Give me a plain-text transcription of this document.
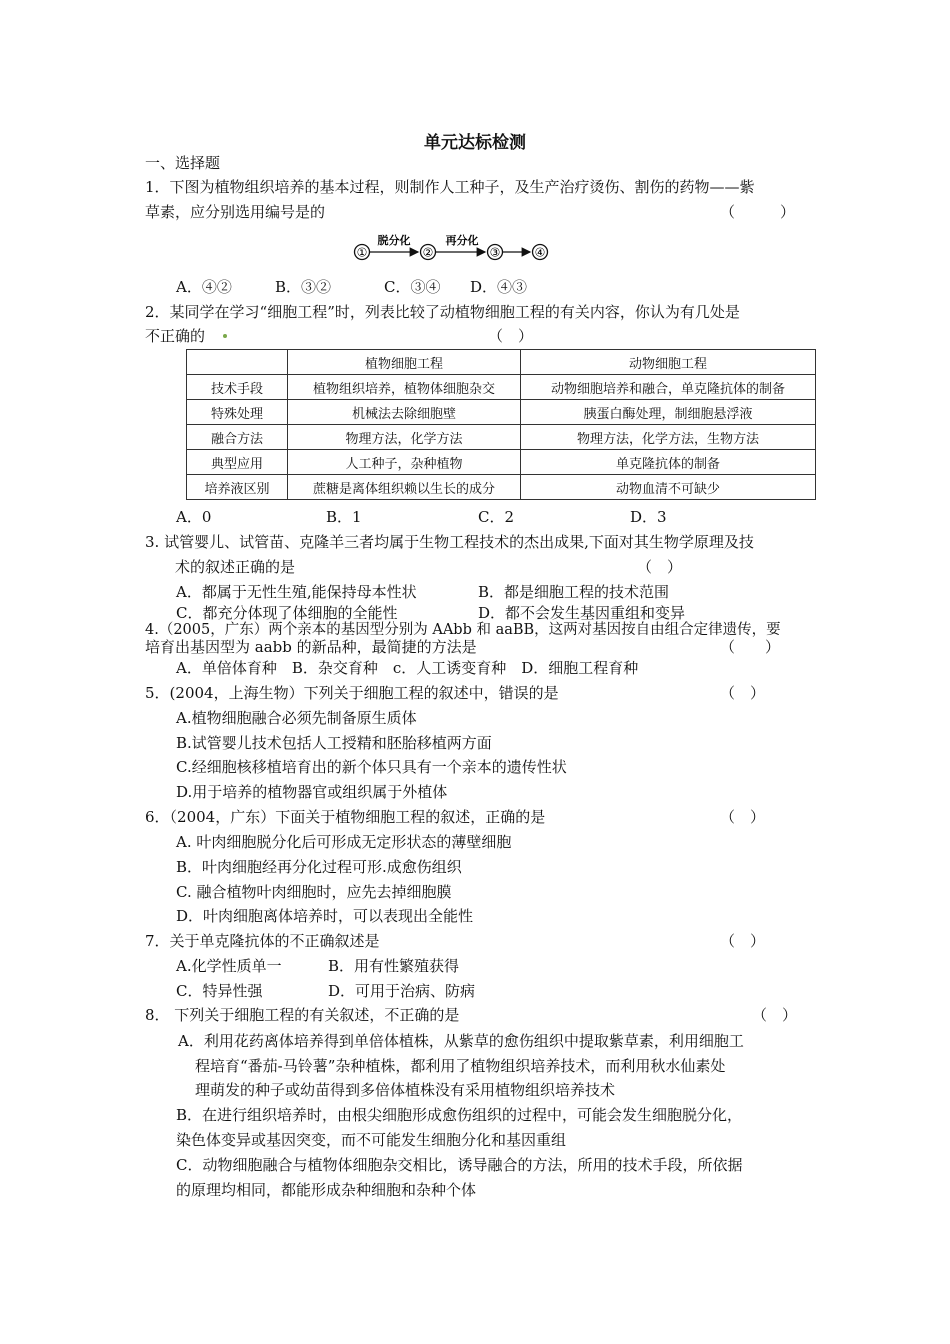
单元达标检测
一、选择题
1．下图为植物组织培养的基本过程，则制作人工种子，及生产治疗烫伤、割伤的药物——紫
草素，应分别选用编号是的	（　　　）
①
脱分化
②
再分化
③	④
A．④②	B．③②	C．③④ D．④③
2．某同学在学习“细胞工程”时，列表比较了动植物细胞工程的有关内容，你认为有几处是
不正确的	（　）
	植物细胞工程	动物细胞工程
技术手段	植物组织培养，植物体细胞杂交	动物细胞培养和融合，单克隆抗体的制备
特殊处理	机械法去除细胞壁	胰蛋白酶处理，制细胞悬浮液
融合方法	物理方法，化学方法	物理方法，化学方法，生物方法
典型应用	人工种子，杂种植物	单克隆抗体的制备
培养液区别	蔗糖是离体组织赖以生长的成分	动物血清不可缺少
A．0	B．1	C．2	D．3
3. 试管婴儿、试管苗、克隆羊三者均属于生物工程技术的杰出成果,下面对其生物学原理及技
术的叙述正确的是	（　）
A．都属于无性生殖,能保持母本性状	B．都是细胞工程的技术范围
C．都充分体现了体细胞的全能性	D．都不会发生基因重组和变异
4.（2005，广东）两个亲本的基因型分别为 AAbb 和 aaBB，这两对基因按自由组合定律遗传，要
培育出基因型为 aabb 的新品种，最简捷的方法是	（　　）
A．单倍体育种　B．杂交育种　c．人工诱变育种　D．细胞工程育种
5．(2004，上海生物）下列关于细胞工程的叙述中，错误的是	（　）
A.植物细胞融合必须先制备原生质体
B.试管婴儿技术包括人工授精和胚胎移植两方面
C.经细胞核移植培育出的新个体只具有一个亲本的遗传性状
D.用于培养的植物器官或组织属于外植体
6．（2004，广东）下面关于植物细胞工程的叙述，正确的是	（　）
A. 叶肉细胞脱分化后可形成无定形状态的薄壁细胞
B．叶肉细胞经再分化过程可形.成愈伤组织
C. 融合植物叶肉细胞时，应先去掉细胞膜
D．叶肉细胞离体培养时，可以表现出全能性
7．关于单克隆抗体的不正确叙述是	（　）
A.化学性质单一	B．用有性繁殖获得
C．特异性强	D．可用于治病、防病
8． 下列关于细胞工程的有关叙述，不正确的是	（　）
A．利用花药离体培养得到单倍体植株，从紫草的愈伤组织中提取紫草素，利用细胞工
程培育“番茄-马铃薯”杂种植株，都利用了植物组织培养技术，而利用秋水仙素处
理萌发的种子或幼苗得到多倍体植株没有采用植物组织培养技术
B．在进行组织培养时，由根尖细胞形成愈伤组织的过程中，可能会发生细胞脱分化，
染色体变异或基因突变，而不可能发生细胞分化和基因重组
C．动物细胞融合与植物体细胞杂交相比，诱导融合的方法，所用的技术手段，所依据
的原理均相同，都能形成杂种细胞和杂种个体
